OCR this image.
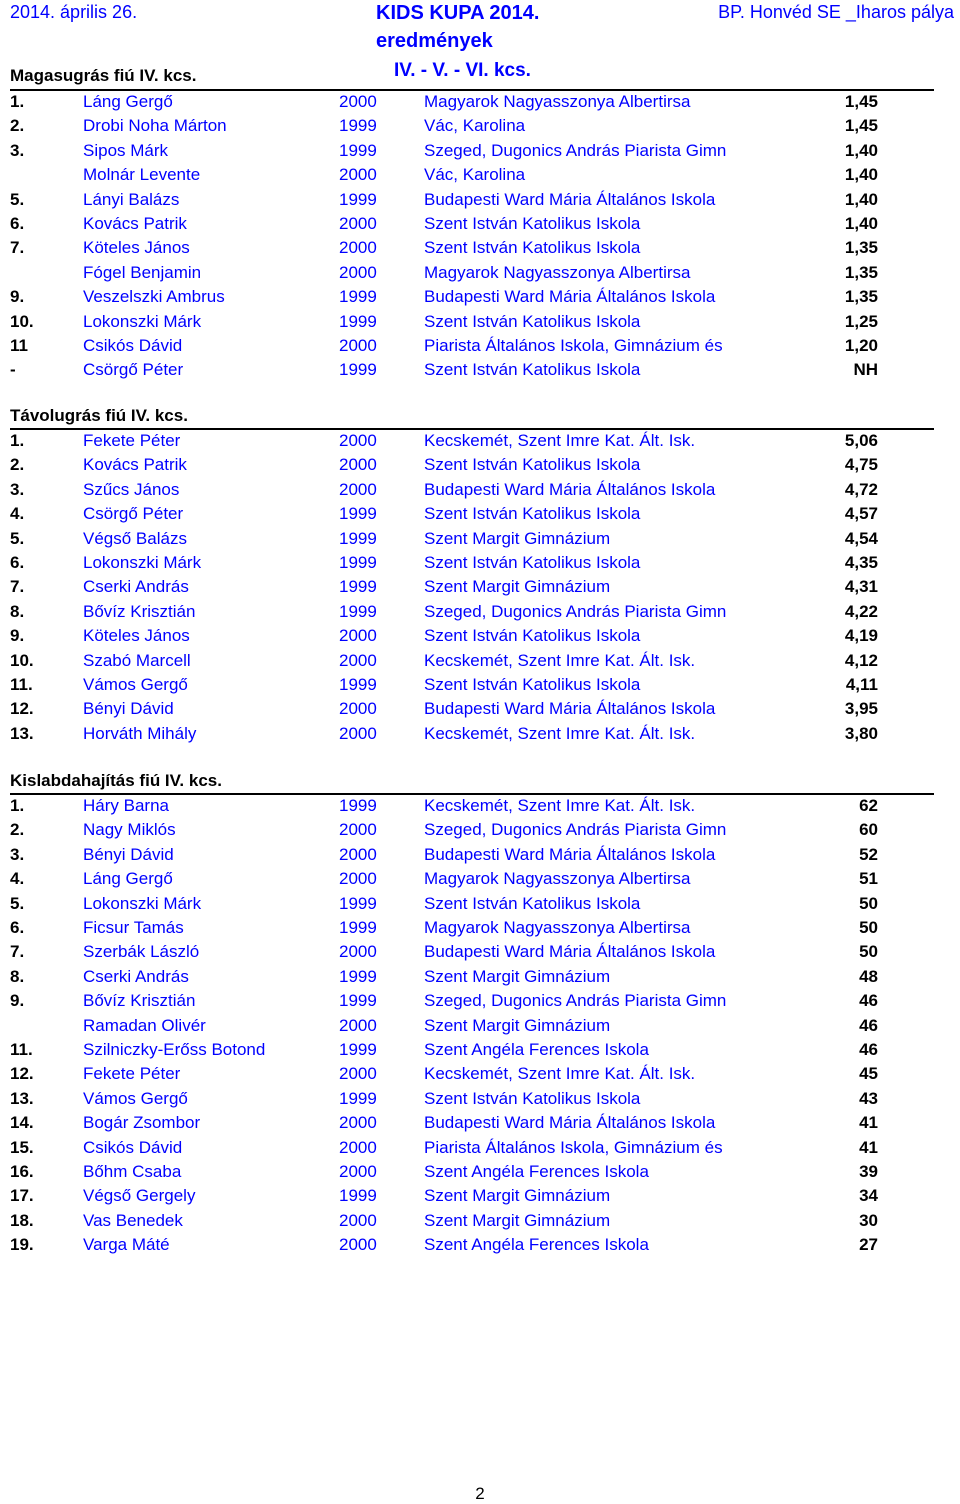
2014. április 26.	KIDS KUPA 2014.
eredmények
IV. - V. - VI. kcs.
BP. Honvéd SE _Iharos pálya
Magasugrás fiú IV. kcs.
1.	Láng Gergő	2000	Magyarok Nagyasszonya Albertirsa	1,45
2.	Drobi Noha Márton	1999	Vác, Karolina	1,45
3.	Sipos Márk	1999	Szeged, Dugonics András Piarista Gimn	1,40
Molnár Levente	2000	Vác, Karolina	1,40
5.	Lányi Balázs	1999	Budapesti Ward Mária Általános Iskola	1,40
6.	Kovács Patrik	2000	Szent István Katolikus Iskola	1,40
7.	Köteles János	2000	Szent István Katolikus Iskola	1,35
Fógel Benjamin	2000	Magyarok Nagyasszonya Albertirsa	1,35
9.	Veszelszki Ambrus	1999	Budapesti Ward Mária Általános Iskola	1,35
10.	Lokonszki Márk	1999	Szent István Katolikus Iskola	1,25
11	Csikós Dávid	2000	Piarista Általános Iskola, Gimnázium és	1,20
-	Csörgő Péter	1999	Szent István Katolikus Iskola	NH
Távolugrás fiú IV. kcs.
1.	Fekete Péter	2000	Kecskemét, Szent Imre Kat. Ált. Isk.	5,06
2.	Kovács Patrik	2000	Szent István Katolikus Iskola	4,75
3.	Szűcs János	2000	Budapesti Ward Mária Általános Iskola	4,72
4.	Csörgő Péter	1999	Szent István Katolikus Iskola	4,57
5.	Végső Balázs	1999	Szent Margit Gimnázium	4,54
6.	Lokonszki Márk	1999	Szent István Katolikus Iskola	4,35
7.	Cserki András	1999	Szent Margit Gimnázium	4,31
8.	Bővíz Krisztián	1999	Szeged, Dugonics András Piarista Gimn	4,22
9.	Köteles János	2000	Szent István Katolikus Iskola	4,19
10.	Szabó Marcell	2000	Kecskemét, Szent Imre Kat. Ált. Isk.	4,12
11.	Vámos Gergő	1999	Szent István Katolikus Iskola	4,11
12.	Bényi Dávid	2000	Budapesti Ward Mária Általános Iskola	3,95
13.	Horváth Mihály	2000	Kecskemét, Szent Imre Kat. Ált. Isk.	3,80
Kislabdahajítás fiú IV. kcs.
1.	Háry Barna	1999	Kecskemét, Szent Imre Kat. Ált. Isk.	62
2.	Nagy Miklós	2000	Szeged, Dugonics András Piarista Gimn	60
3.	Bényi Dávid	2000	Budapesti Ward Mária Általános Iskola	52
4.	Láng Gergő	2000	Magyarok Nagyasszonya Albertirsa	51
5.	Lokonszki Márk	1999	Szent István Katolikus Iskola	50
6.	Ficsur Tamás	1999	Magyarok Nagyasszonya Albertirsa	50
7.	Szerbák László	2000	Budapesti Ward Mária Általános Iskola	50
8.	Cserki András	1999	Szent Margit Gimnázium	48
9.	Bővíz Krisztián	1999	Szeged, Dugonics András Piarista Gimn	46
Ramadan Olivér	2000	Szent Margit Gimnázium	46
11.	Szilniczky-Erőss Botond	1999	Szent Angéla Ferences Iskola	46
12.	Fekete Péter	2000	Kecskemét, Szent Imre Kat. Ált. Isk.	45
13.	Vámos Gergő	1999	Szent István Katolikus Iskola	43
14.	Bogár Zsombor	2000	Budapesti Ward Mária Általános Iskola	41
15.	Csikós Dávid	2000	Piarista Általános Iskola, Gimnázium és	41
16.	Bőhm Csaba	2000	Szent Angéla Ferences Iskola	39
17.	Végső Gergely	1999	Szent Margit Gimnázium	34
18.	Vas Benedek	2000	Szent Margit Gimnázium	30
19.	Varga Máté	2000	Szent Angéla Ferences Iskola	27
2
